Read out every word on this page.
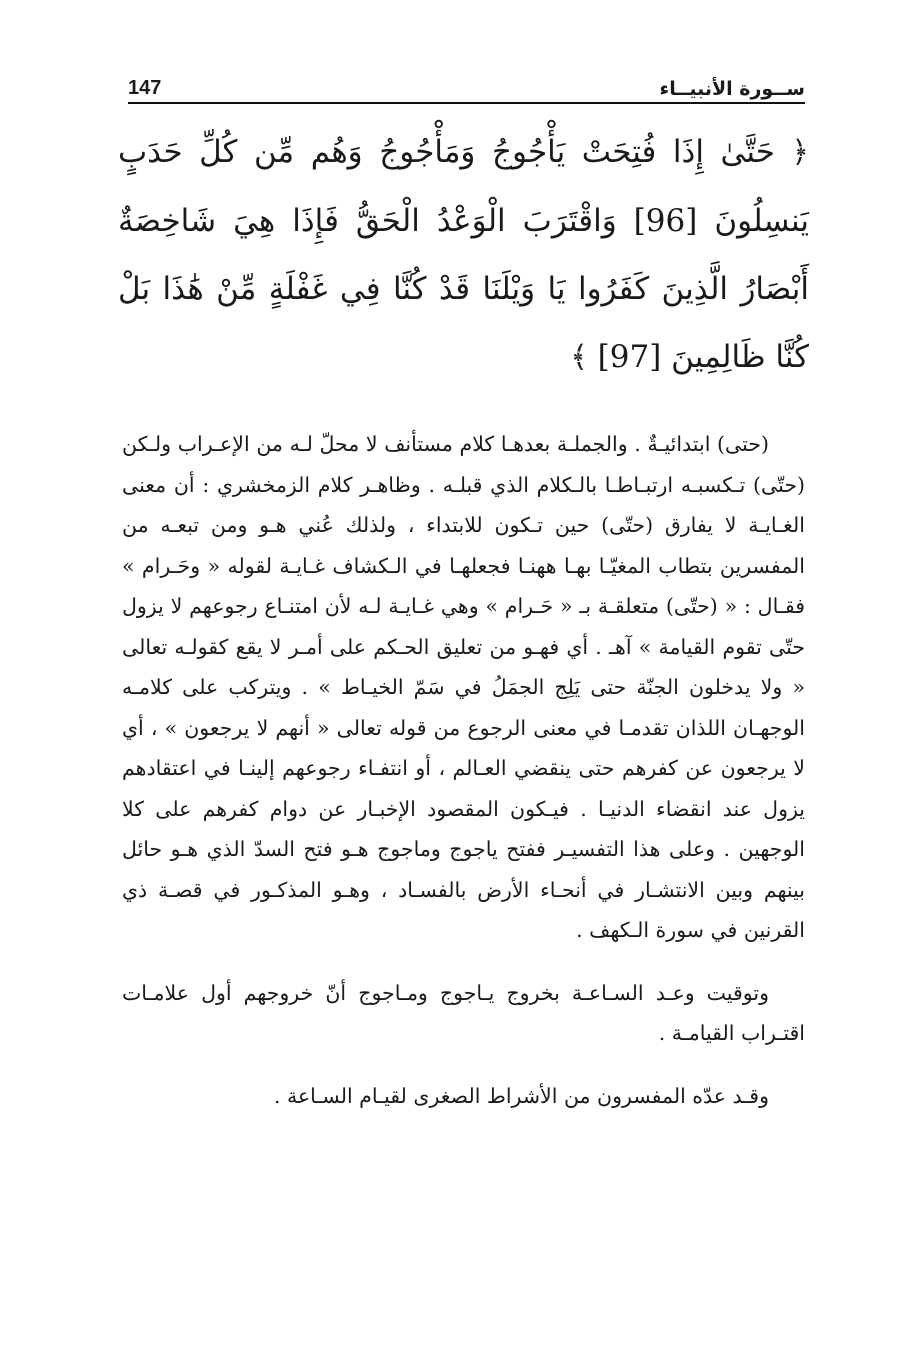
ســورة الأنبيــاء
147
﴿ حَتَّىٰ إِذَا فُتِحَتْ يَأْجُوجُ وَمَأْجُوجُ وَهُم مِّن كُلِّ حَدَبٍ يَنسِلُونَ [96] وَاقْتَرَبَ الْوَعْدُ الْحَقُّ فَإِذَا هِيَ شَاخِصَةٌ أَبْصَارُ الَّذِينَ كَفَرُوا يَا وَيْلَنَا قَدْ كُنَّا فِي غَفْلَةٍ مِّنْ هَٰذَا بَلْ كُنَّا ظَالِمِينَ [97] ﴾

(حتى) ابتدائيـةٌ . والجملـة بعدهـا كلام مستأنف لا محلّ لـه من الإعـراب ولـكن (حتّى) تـكسبـه ارتبـاطـا بالـكلام الذي قبلـه . وظاهـر كلام الزمخشري : أن معنى الغـايـة لا يفارق (حتّى) حين تـكون للابتداء ، ولذلك عُني هـو ومن تبعـه من المفسرين بتطاب المغيّـا بهـا ههنـا فجعلهـا في الـكشاف غـايـة لقوله « وحَـرام » فقـال : « (حتّى) متعلقـة بـ « حَـرام » وهي غـايـة لـه لأن امتنـاع رجوعهم لا يزول حتّى تقوم القيامة » آهـ . أي فهـو من تعليق الحـكم على أمـر لا يقع كقولـه تعالى « ولا يدخلون الجنّة حتى يَلِج الجمَلُ في سَمّ الخيـاط » . ويتركب على كلامـه الوجهـان اللذان تقدمـا في معنى الرجوع من قوله تعالى « أنهم لا يرجعون » ، أي لا يرجعون عن كفرهم حتى ينقضي العـالم ، أو انتفـاء رجوعهم إلينـا في اعتقادهم يزول عند انقضاء الدنيـا . فيـكون المقصود الإخبـار عن دوام كفرهم على كلا الوجهين . وعلى هذا التفسيـر ففتح ياجوج وماجوج هـو فتح السدّ الذي هـو حائل بينهم وبين الانتشـار في أنحـاء الأرض بالفسـاد ، وهـو المذكـور في قصـة ذي القرنين في سورة الـكهف .

وتوقيت وعـد السـاعـة بخروج يـاجوج ومـاجوج أنّ خروجهم أول علامـات اقتـراب القيامـة .

وقـد عدّه المفسرون من الأشراط الصغرى لقيـام السـاعة .
